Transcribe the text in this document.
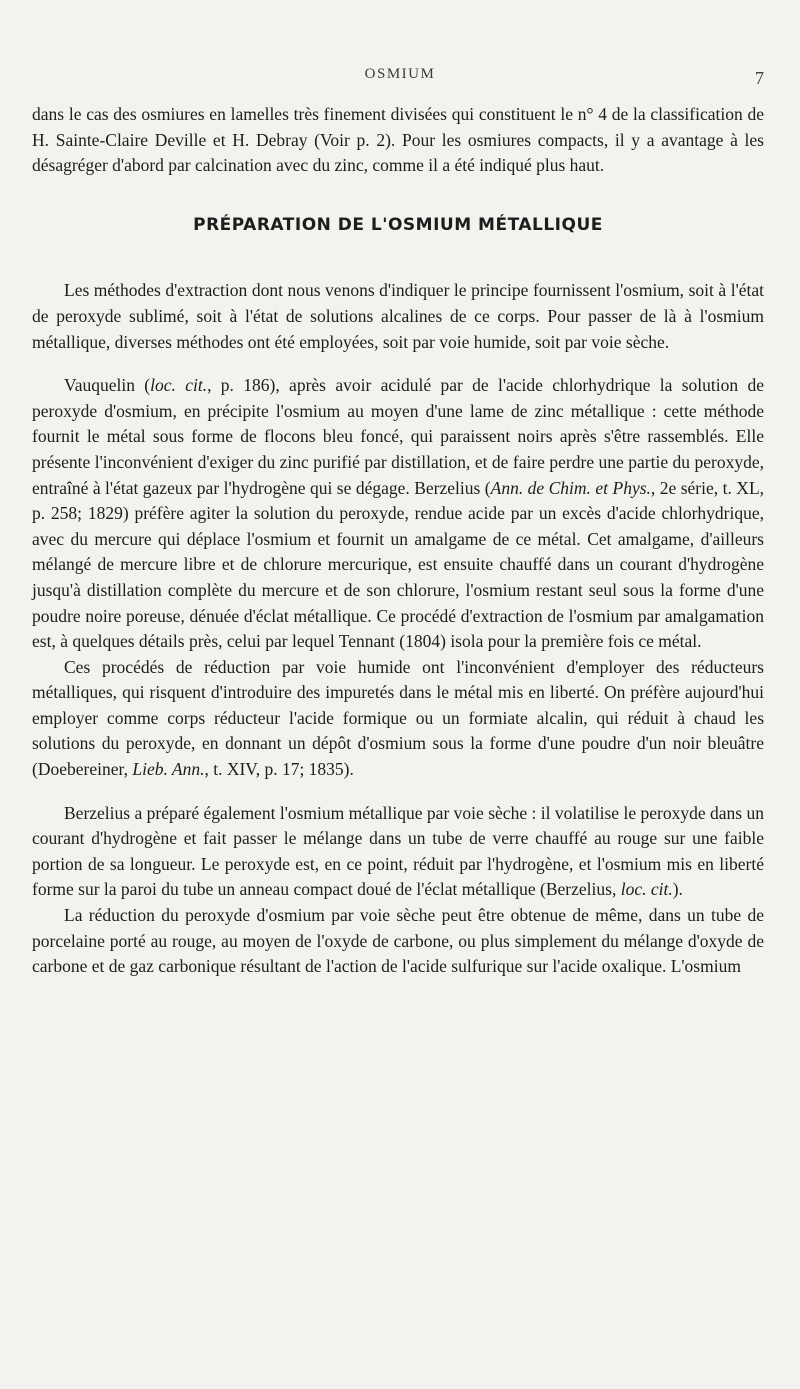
OSMIUM	7

dans le cas des osmiures en lamelles très finement divisées qui constituent le n° 4 de la classification de H. Sainte-Claire Deville et H. Debray (Voir p. 2). Pour les osmiures compacts, il y a avantage à les désagréger d'abord par calcination avec du zinc, comme il a été indiqué plus haut.

PRÉPARATION DE L'OSMIUM MÉTALLIQUE

Les méthodes d'extraction dont nous venons d'indiquer le principe fournissent l'osmium, soit à l'état de peroxyde sublimé, soit à l'état de solutions alcalines de ce corps. Pour passer de là à l'osmium métallique, diverses méthodes ont été employées, soit par voie humide, soit par voie sèche.

Vauquelin (loc. cit., p. 186), après avoir acidulé par de l'acide chlorhydrique la solution de peroxyde d'osmium, en précipite l'osmium au moyen d'une lame de zinc métallique : cette méthode fournit le métal sous forme de flocons bleu foncé, qui paraissent noirs après s'être rassemblés. Elle présente l'inconvénient d'exiger du zinc purifié par distillation, et de faire perdre une partie du peroxyde, entraîné à l'état gazeux par l'hydrogène qui se dégage. Berzelius (Ann. de Chim. et Phys., 2e série, t. XL, p. 258; 1829) préfère agiter la solution du peroxyde, rendue acide par un excès d'acide chlorhydrique, avec du mercure qui déplace l'osmium et fournit un amalgame de ce métal. Cet amalgame, d'ailleurs mélangé de mercure libre et de chlorure mercurique, est ensuite chauffé dans un courant d'hydrogène jusqu'à distillation complète du mercure et de son chlorure, l'osmium restant seul sous la forme d'une poudre noire poreuse, dénuée d'éclat métallique. Ce procédé d'extraction de l'osmium par amalgamation est, à quelques détails près, celui par lequel Tennant (1804) isola pour la première fois ce métal.

Ces procédés de réduction par voie humide ont l'inconvénient d'employer des réducteurs métalliques, qui risquent d'introduire des impuretés dans le métal mis en liberté. On préfère aujourd'hui employer comme corps réducteur l'acide formique ou un formiate alcalin, qui réduit à chaud les solutions du peroxyde, en donnant un dépôt d'osmium sous la forme d'une poudre d'un noir bleuâtre (Doebereiner, Lieb. Ann., t. XIV, p. 17; 1835).

Berzelius a préparé également l'osmium métallique par voie sèche : il volatilise le peroxyde dans un courant d'hydrogène et fait passer le mélange dans un tube de verre chauffé au rouge sur une faible portion de sa longueur. Le peroxyde est, en ce point, réduit par l'hydrogène, et l'osmium mis en liberté forme sur la paroi du tube un anneau compact doué de l'éclat métallique (Berzelius, loc. cit.).

La réduction du peroxyde d'osmium par voie sèche peut être obtenue de même, dans un tube de porcelaine porté au rouge, au moyen de l'oxyde de carbone, ou plus simplement du mélange d'oxyde de carbone et de gaz carbonique résultant de l'action de l'acide sulfurique sur l'acide oxalique. L'osmium
